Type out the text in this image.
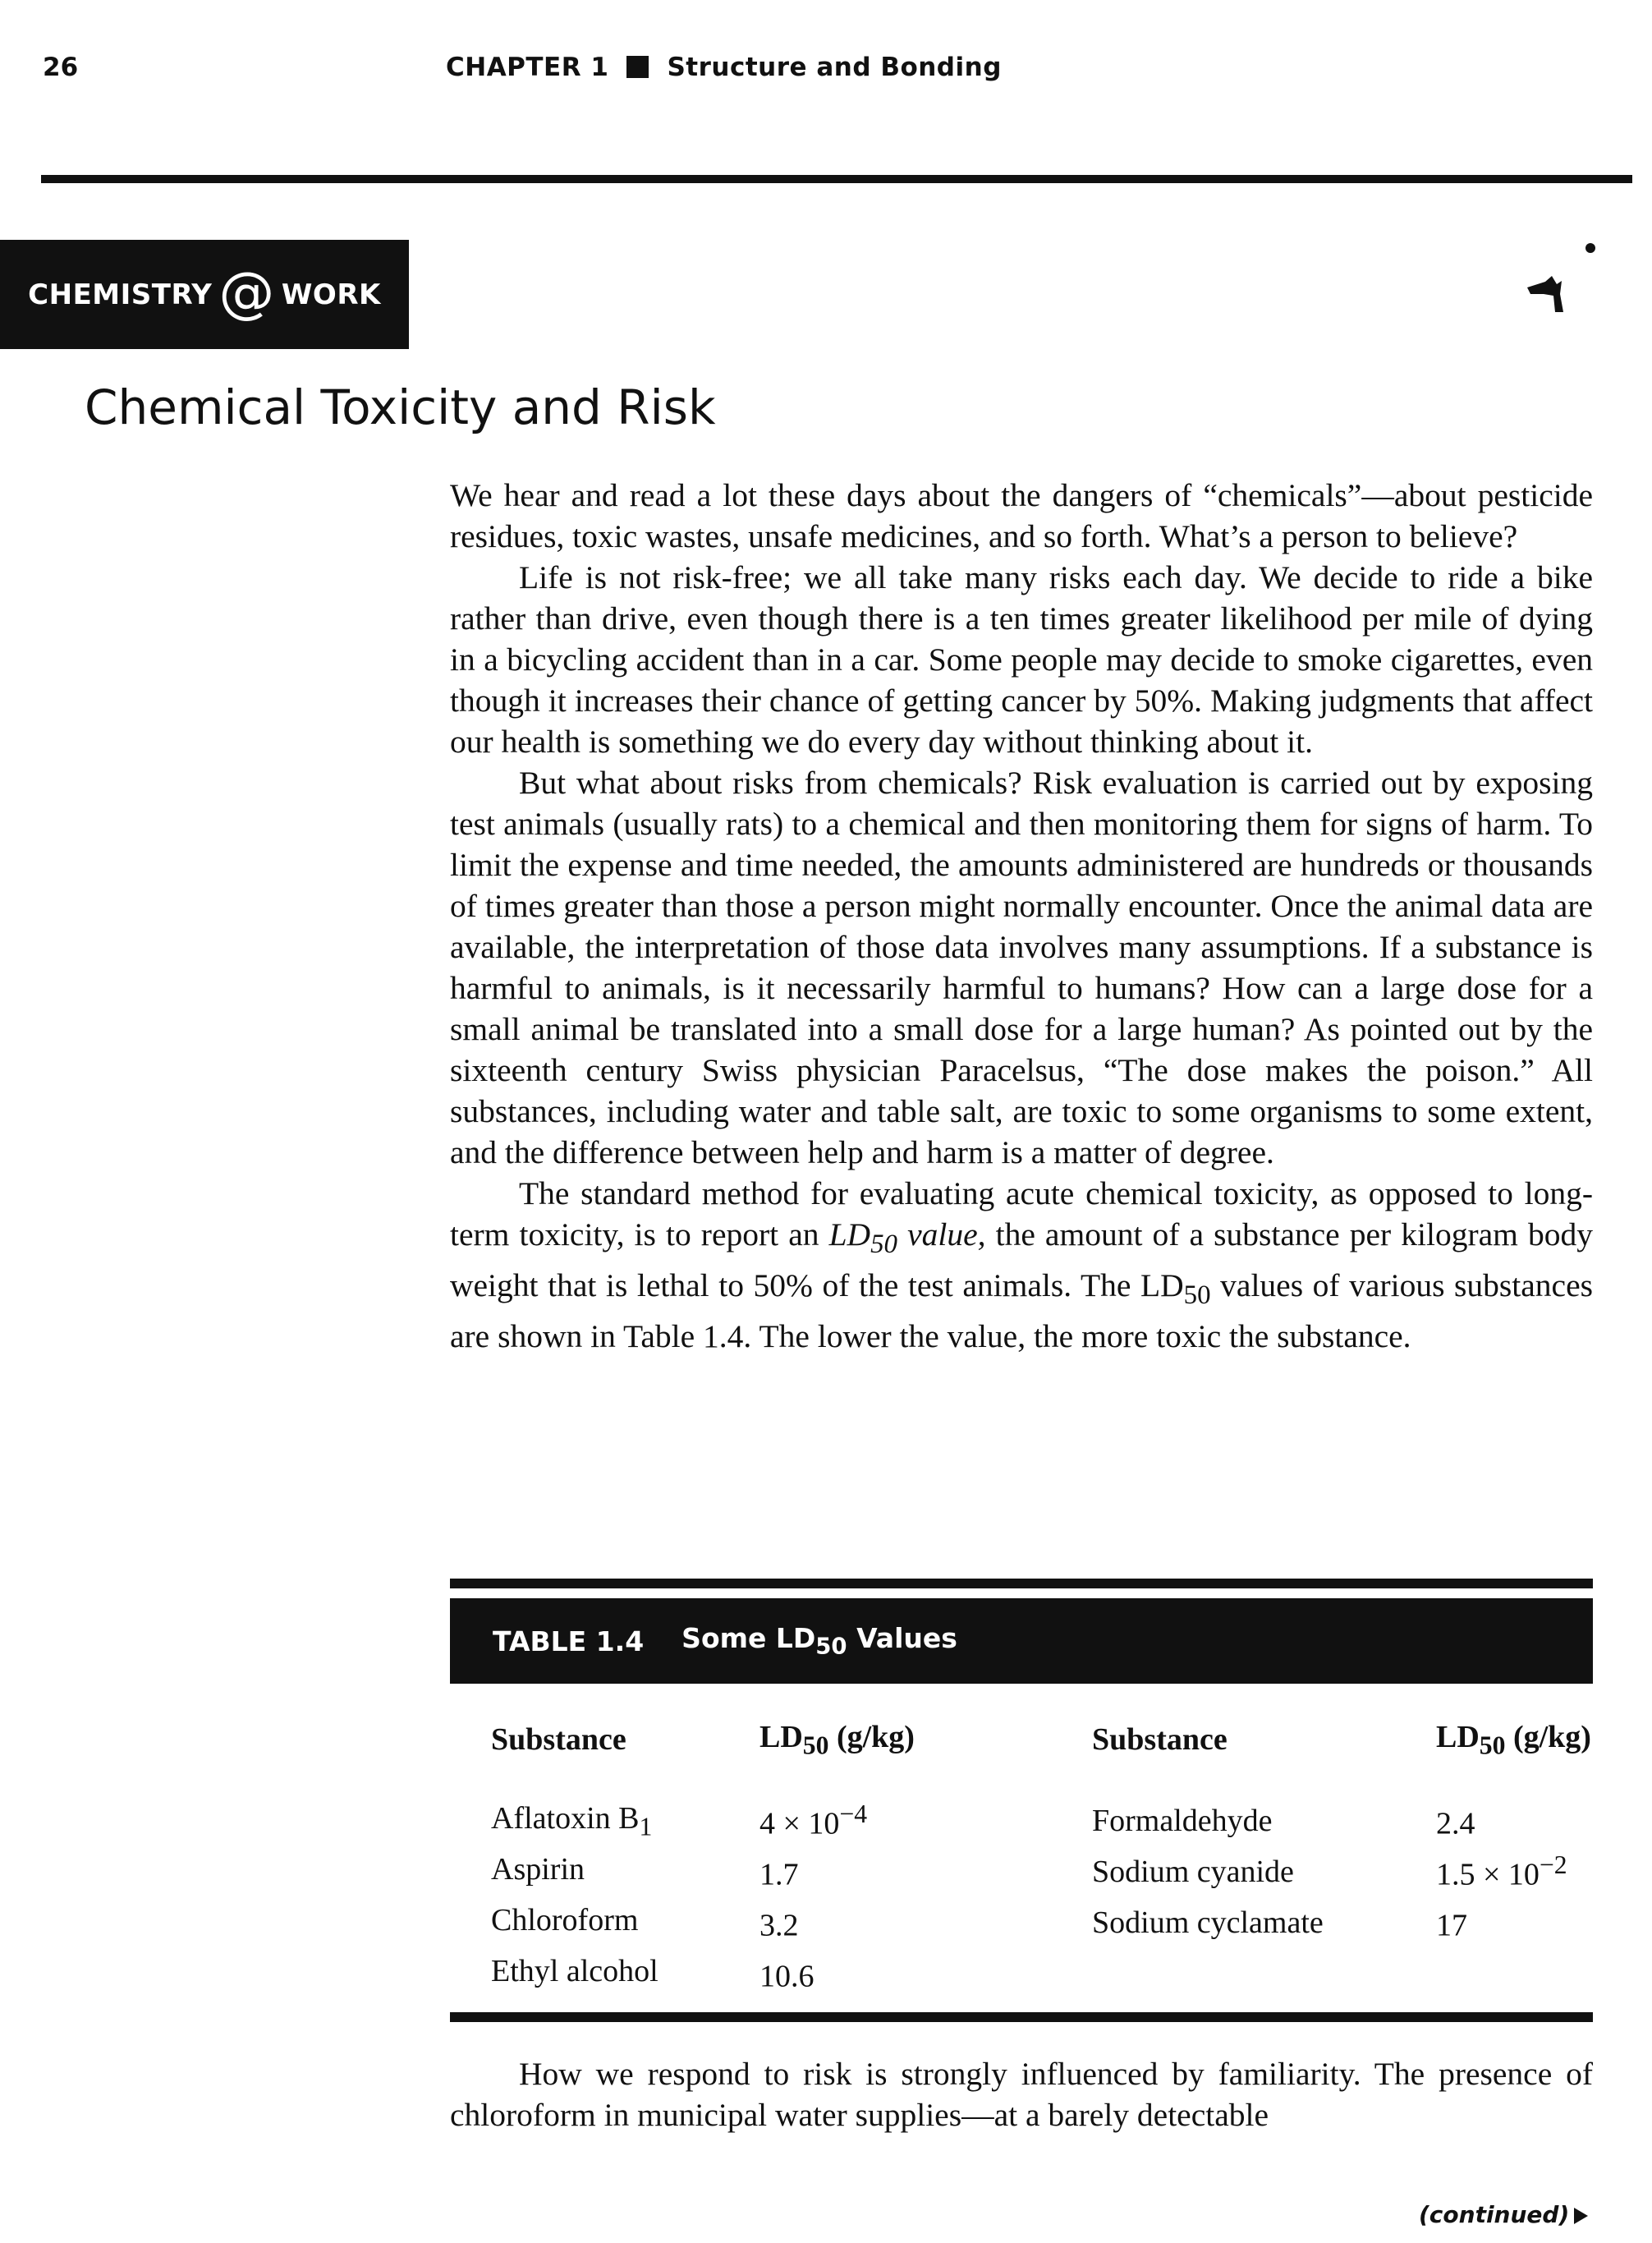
26	CHAPTER 1 Structure and Bonding
CHEMISTRY @ WORK
Chemical Toxicity and Risk

We hear and read a lot these days about the dangers of “chemicals”—about pesticide residues, toxic wastes, unsafe medicines, and so forth. What’s a person to believe?

Life is not risk-free; we all take many risks each day. We decide to ride a bike rather than drive, even though there is a ten times greater likelihood per mile of dying in a bicycling accident than in a car. Some people may decide to smoke cigarettes, even though it increases their chance of getting cancer by 50%. Making judgments that affect our health is something we do every day without thinking about it.

But what about risks from chemicals? Risk evaluation is carried out by exposing test animals (usually rats) to a chemical and then monitoring them for signs of harm. To limit the expense and time needed, the amounts administered are hundreds or thousands of times greater than those a person might normally encounter. Once the animal data are available, the interpretation of those data involves many assumptions. If a substance is harmful to animals, is it necessarily harmful to humans? How can a large dose for a small animal be translated into a small dose for a large human? As pointed out by the sixteenth century Swiss physician Paracelsus, “The dose makes the poison.” All substances, including water and table salt, are toxic to some organisms to some extent, and the difference between help and harm is a matter of degree.

The standard method for evaluating acute chemical toxicity, as opposed to long-term toxicity, is to report an $LD_{50}$ value, the amount of a substance per kilogram body weight that is lethal to 50% of the test animals. The $LD_{50}$ values of various substances are shown in Table 1.4. The lower the value, the more toxic the substance.

TABLE 1.4 Some $LD_{50}$ Values
Substance	$LD_{50}$ (g/kg)	Substance	$LD_{50}$ (g/kg)
Aflatoxin $B_1$	$4 \times 10^{-4}$	Formaldehyde	2.4
Aspirin	1.7	Sodium cyanide	$1.5 \times 10^{-2}$
Chloroform	3.2	Sodium cyclamate	17
Ethyl alcohol	10.6		

How we respond to risk is strongly influenced by familiarity. The presence of chloroform in municipal water supplies—at a barely detectable

(continued)
